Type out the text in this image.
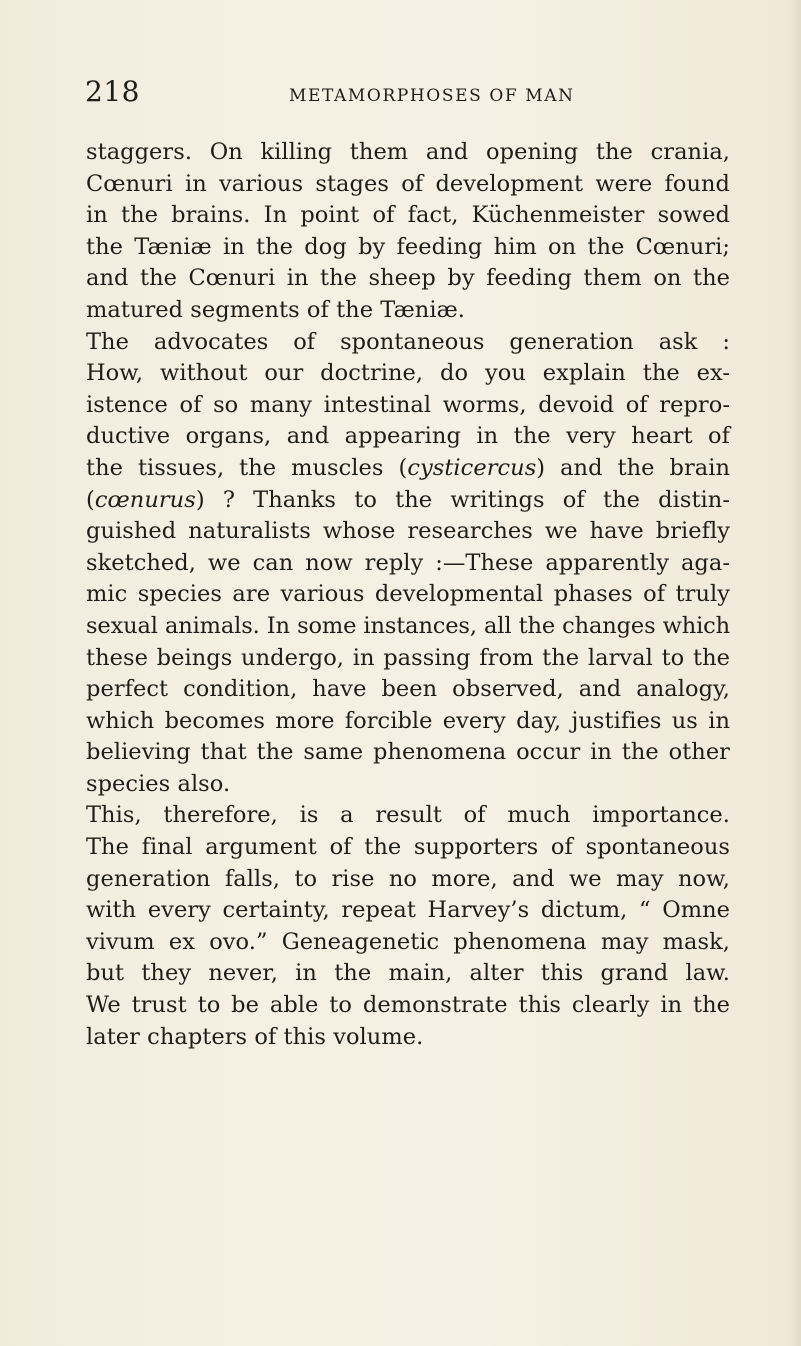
218	METAMORPHOSES OF MAN
staggers. On killing them and opening the crania,
Cœnuri in various stages of development were found
in the brains. In point of fact, Küchenmeister sowed
the Tæniæ in the dog by feeding him on the Cœnuri;
and the Cœnuri in the sheep by feeding them on the
matured segments of the Tæniæ.
The advocates of spontaneous generation ask :
How, without our doctrine, do you explain the ex-
istence of so many intestinal worms, devoid of repro-
ductive organs, and appearing in the very heart of
the tissues, the muscles (cysticercus) and the brain
(cœnurus) ? Thanks to the writings of the distin-
guished naturalists whose researches we have briefly
sketched, we can now reply :—These apparently aga-
mic species are various developmental phases of truly
sexual animals. In some instances, all the changes which
these beings undergo, in passing from the larval to the
perfect condition, have been observed, and analogy,
which becomes more forcible every day, justifies us in
believing that the same phenomena occur in the other
species also.
This, therefore, is a result of much importance.
The final argument of the supporters of spontaneous
generation falls, to rise no more, and we may now,
with every certainty, repeat Harvey’s dictum, “ Omne
vivum ex ovo.” Geneagenetic phenomena may mask,
but they never, in the main, alter this grand law.
We trust to be able to demonstrate this clearly in the
later chapters of this volume.
